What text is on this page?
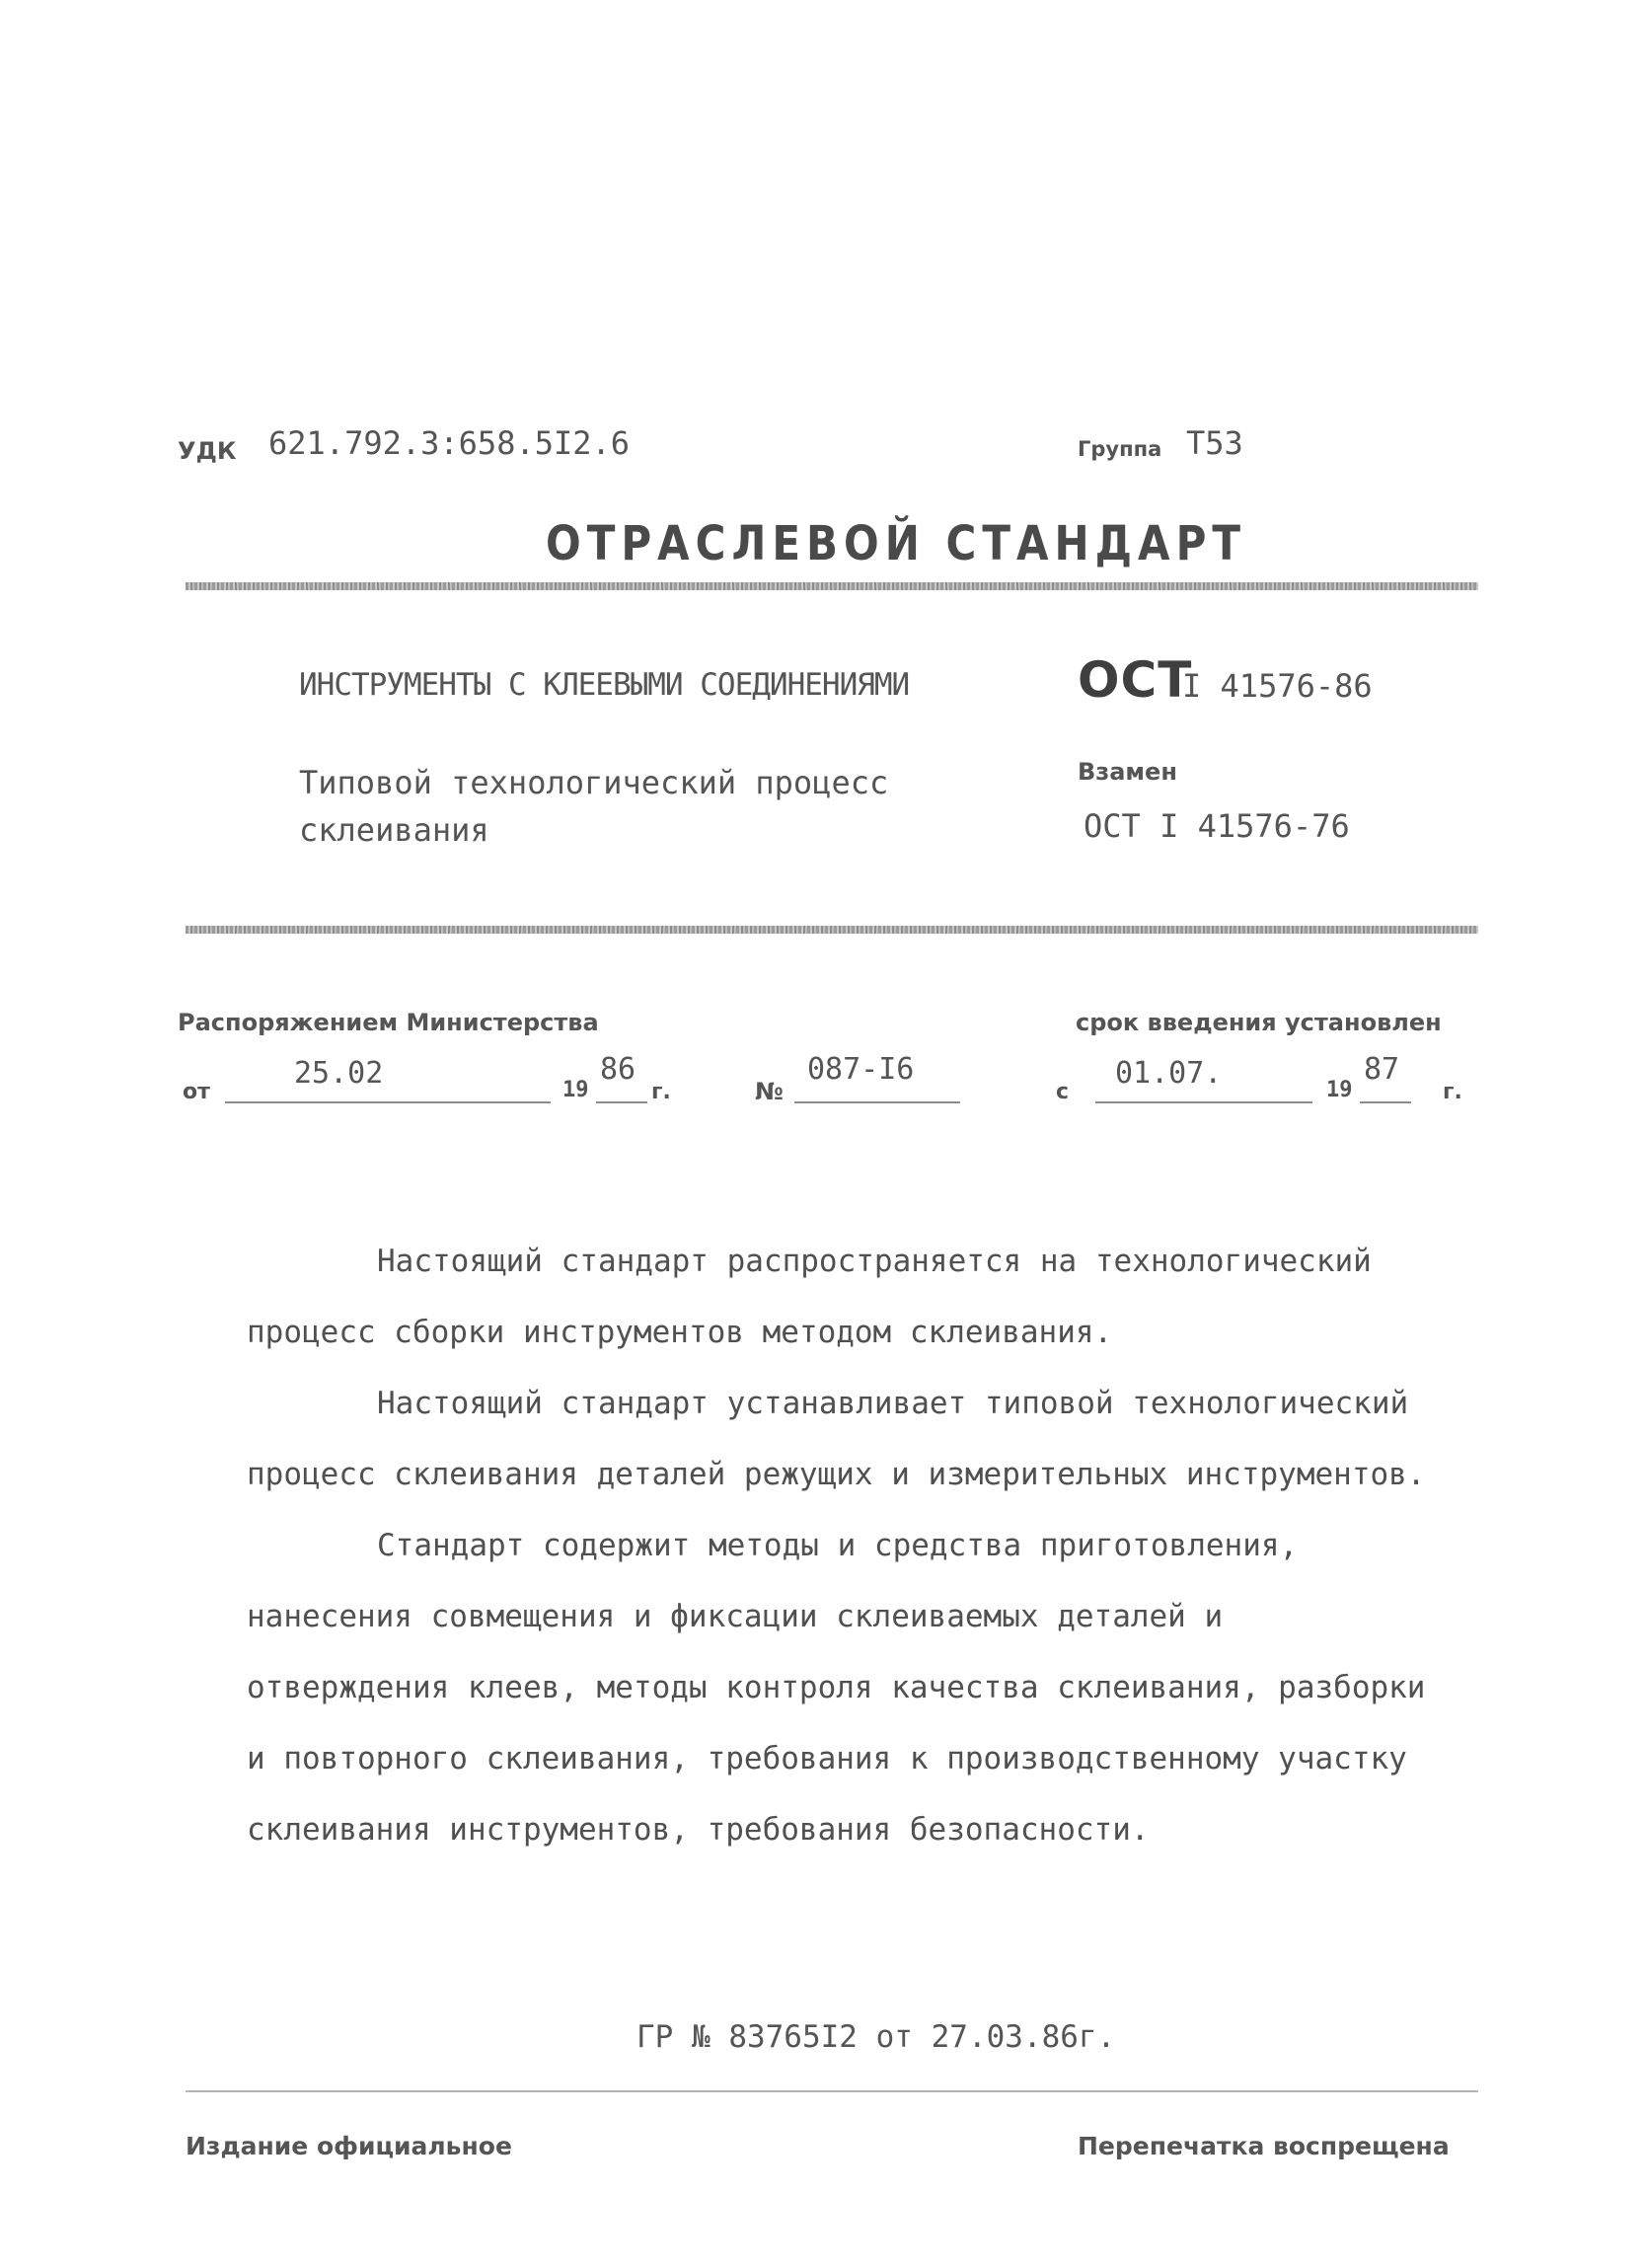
УДК 621.792.3:658.5I2.6	Группа Т53
ОТРАСЛЕВОЙ СТАНДАРТ
ИНСТРУМЕНТЫ С КЛЕЕВЫМИ СОЕДИНЕНИЯМИ
Типовой технологический процесс
склеивания
ОСТ
I 41576-86
Взамен
ОСТ I 41576-76
Распоряжением Министерства
от
25.02	19
86
г.	№
087-I6
срок введения установлен
с
01.07.	19
87
г.
Настоящий стандарт распространяется на технологический
процесс сборки инструментов методом склеивания.
Настоящий стандарт устанавливает типовой технологический
процесс склеивания деталей режущих и измерительных инструментов.
Стандарт содержит методы и средства приготовления,
нанесения совмещения и фиксации склеиваемых деталей и
отверждения клеев, методы контроля качества склеивания, разборки
и повторного склеивания, требования к производственному участку
склеивания инструментов, требования безопасности.
ГР № 83765I2 от 27.03.86г.
Издание официальное	Перепечатка воспрещена
